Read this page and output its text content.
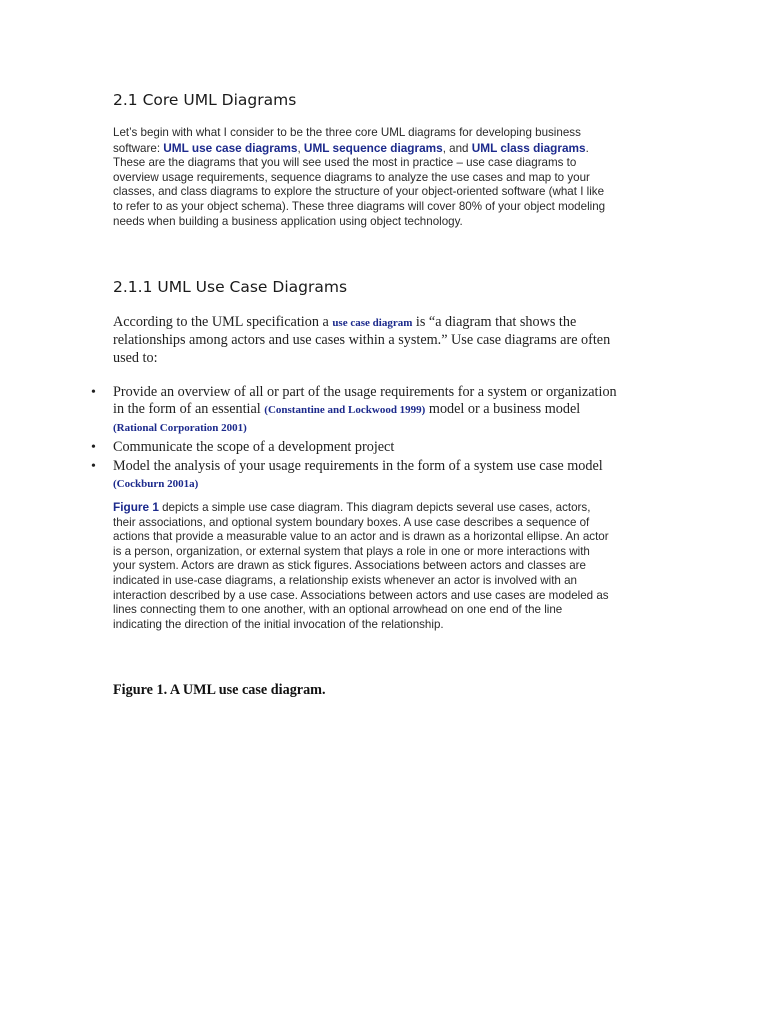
2.1 Core UML Diagrams

Let’s begin with what I consider to be the three core UML diagrams for developing business
software: UML use case diagrams, UML sequence diagrams, and UML class diagrams.
These are the diagrams that you will see used the most in practice – use case diagrams to
overview usage requirements, sequence diagrams to analyze the use cases and map to your
classes, and class diagrams to explore the structure of your object-oriented software (what I like
to refer to as your object schema). These three diagrams will cover 80% of your object modeling
needs when building a business application using object technology.

2.1.1 UML Use Case Diagrams

According to the UML specification a use case diagram is “a diagram that shows the
relationships among actors and use cases within a system.” Use case diagrams are often
used to:

• Provide an overview of all or part of the usage requirements for a system or organization
in the form of an essential (Constantine and Lockwood 1999) model or a business model
(Rational Corporation 2001)
• Communicate the scope of a development project
• Model the analysis of your usage requirements in the form of a system use case model
(Cockburn 2001a)

Figure 1 depicts a simple use case diagram. This diagram depicts several use cases, actors,
their associations, and optional system boundary boxes. A use case describes a sequence of
actions that provide a measurable value to an actor and is drawn as a horizontal ellipse. An actor
is a person, organization, or external system that plays a role in one or more interactions with
your system. Actors are drawn as stick figures. Associations between actors and classes are
indicated in use-case diagrams, a relationship exists whenever an actor is involved with an
interaction described by a use case. Associations between actors and use cases are modeled as
lines connecting them to one another, with an optional arrowhead on one end of the line
indicating the direction of the initial invocation of the relationship.

Figure 1. A UML use case diagram.
